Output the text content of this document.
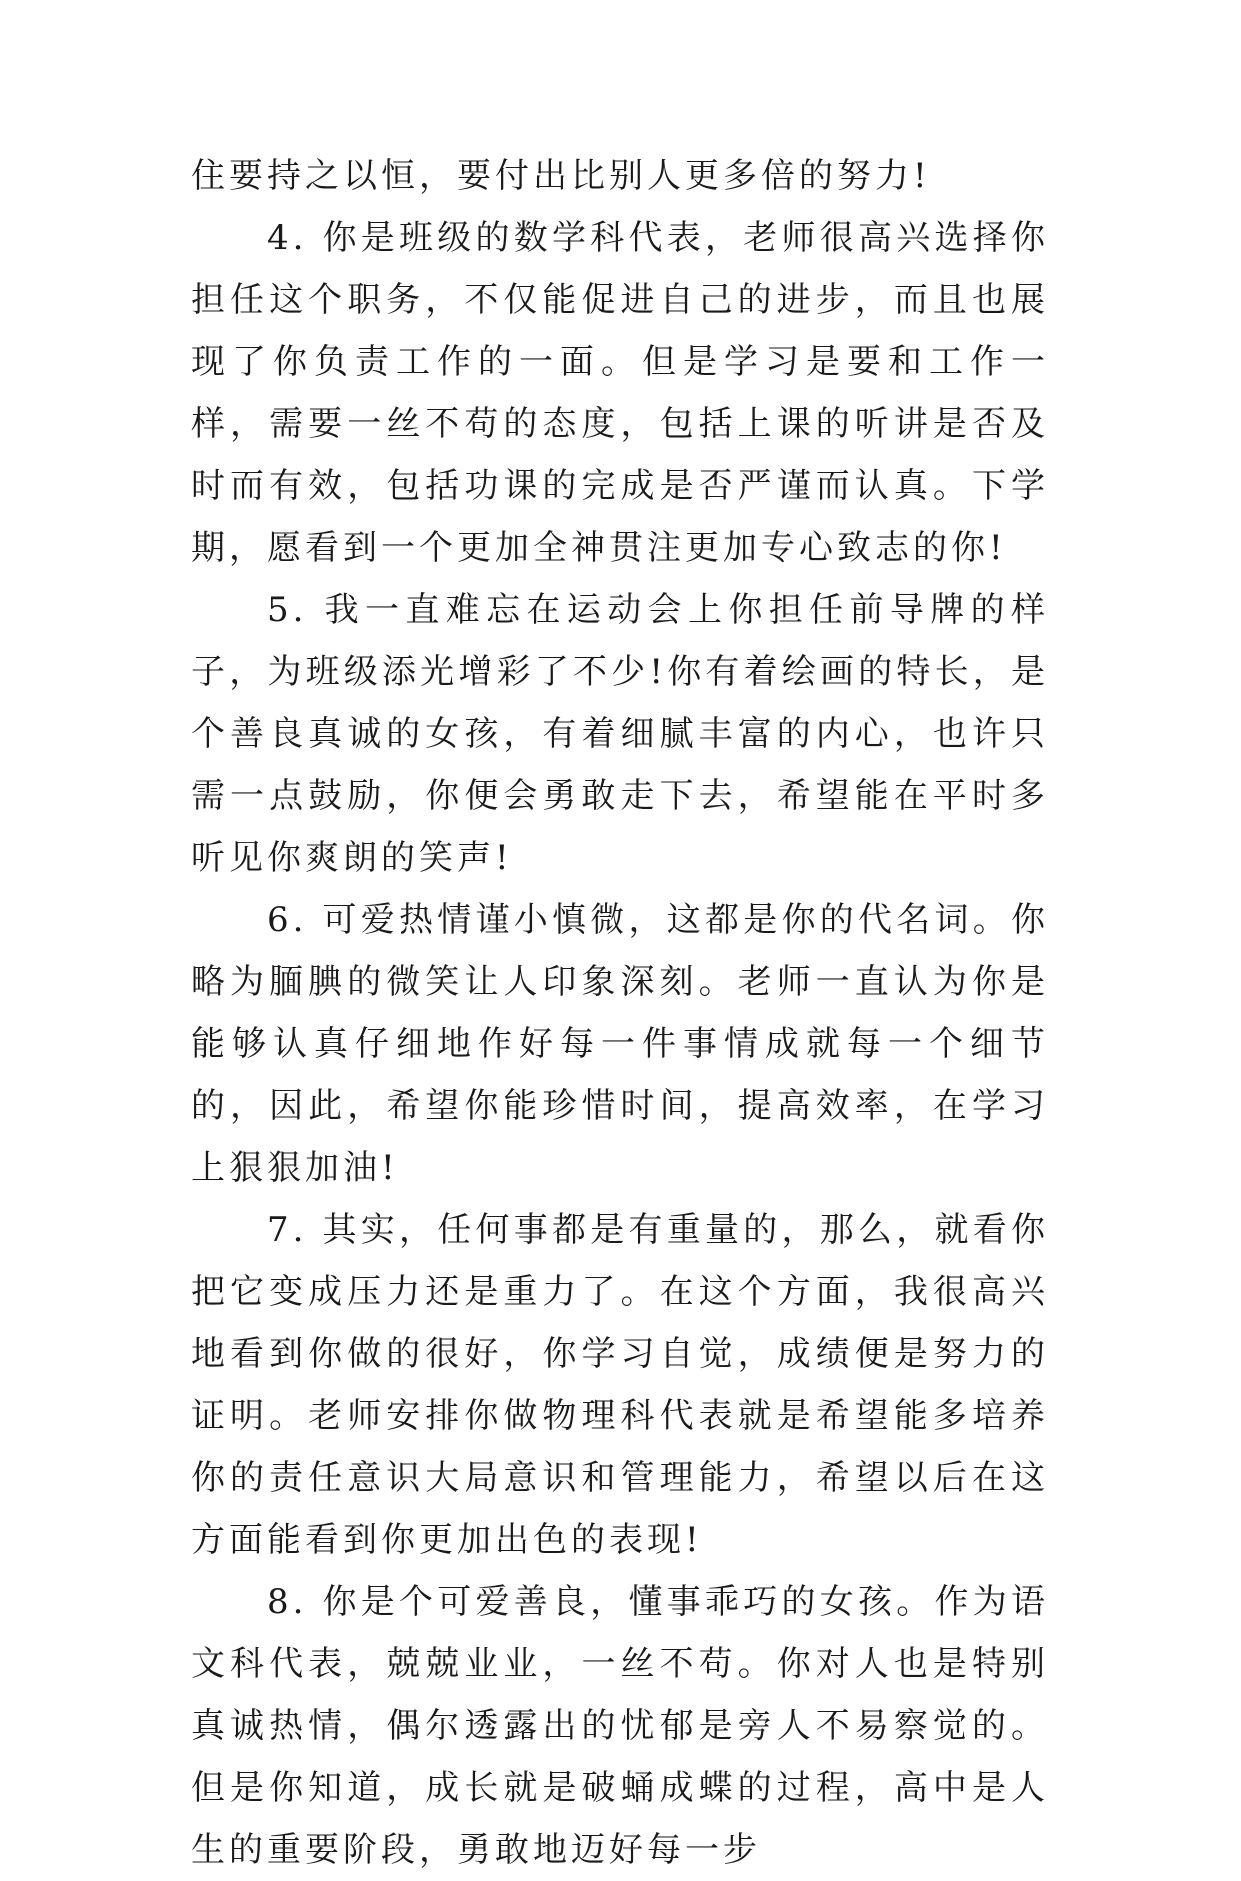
住要持之以恒，要付出比别人更多倍的努力!

4. 你是班级的数学科代表，老师很高兴选择你担任这个职务，不仅能促进自己的进步，而且也展现了你负责工作的一面。但是学习是要和工作一样，需要一丝不苟的态度，包括上课的听讲是否及时而有效，包括功课的完成是否严谨而认真。下学期，愿看到一个更加全神贯注更加专心致志的你!

5. 我一直难忘在运动会上你担任前导牌的样子，为班级添光增彩了不少!你有着绘画的特长，是个善良真诚的女孩，有着细腻丰富的内心，也许只需一点鼓励，你便会勇敢走下去，希望能在平时多听见你爽朗的笑声!

6. 可爱热情谨小慎微，这都是你的代名词。你略为腼腆的微笑让人印象深刻。老师一直认为你是能够认真仔细地作好每一件事情成就每一个细节的，因此，希望你能珍惜时间，提高效率，在学习上狠狠加油!

7. 其实，任何事都是有重量的，那么，就看你把它变成压力还是重力了。在这个方面，我很高兴地看到你做的很好，你学习自觉，成绩便是努力的证明。老师安排你做物理科代表就是希望能多培养你的责任意识大局意识和管理能力，希望以后在这方面能看到你更加出色的表现!

8. 你是个可爱善良，懂事乖巧的女孩。作为语文科代表，兢兢业业，一丝不苟。你对人也是特别真诚热情，偶尔透露出的忧郁是旁人不易察觉的。但是你知道，成长就是破蛹成蝶的过程，高中是人生的重要阶段，勇敢地迈好每一步
